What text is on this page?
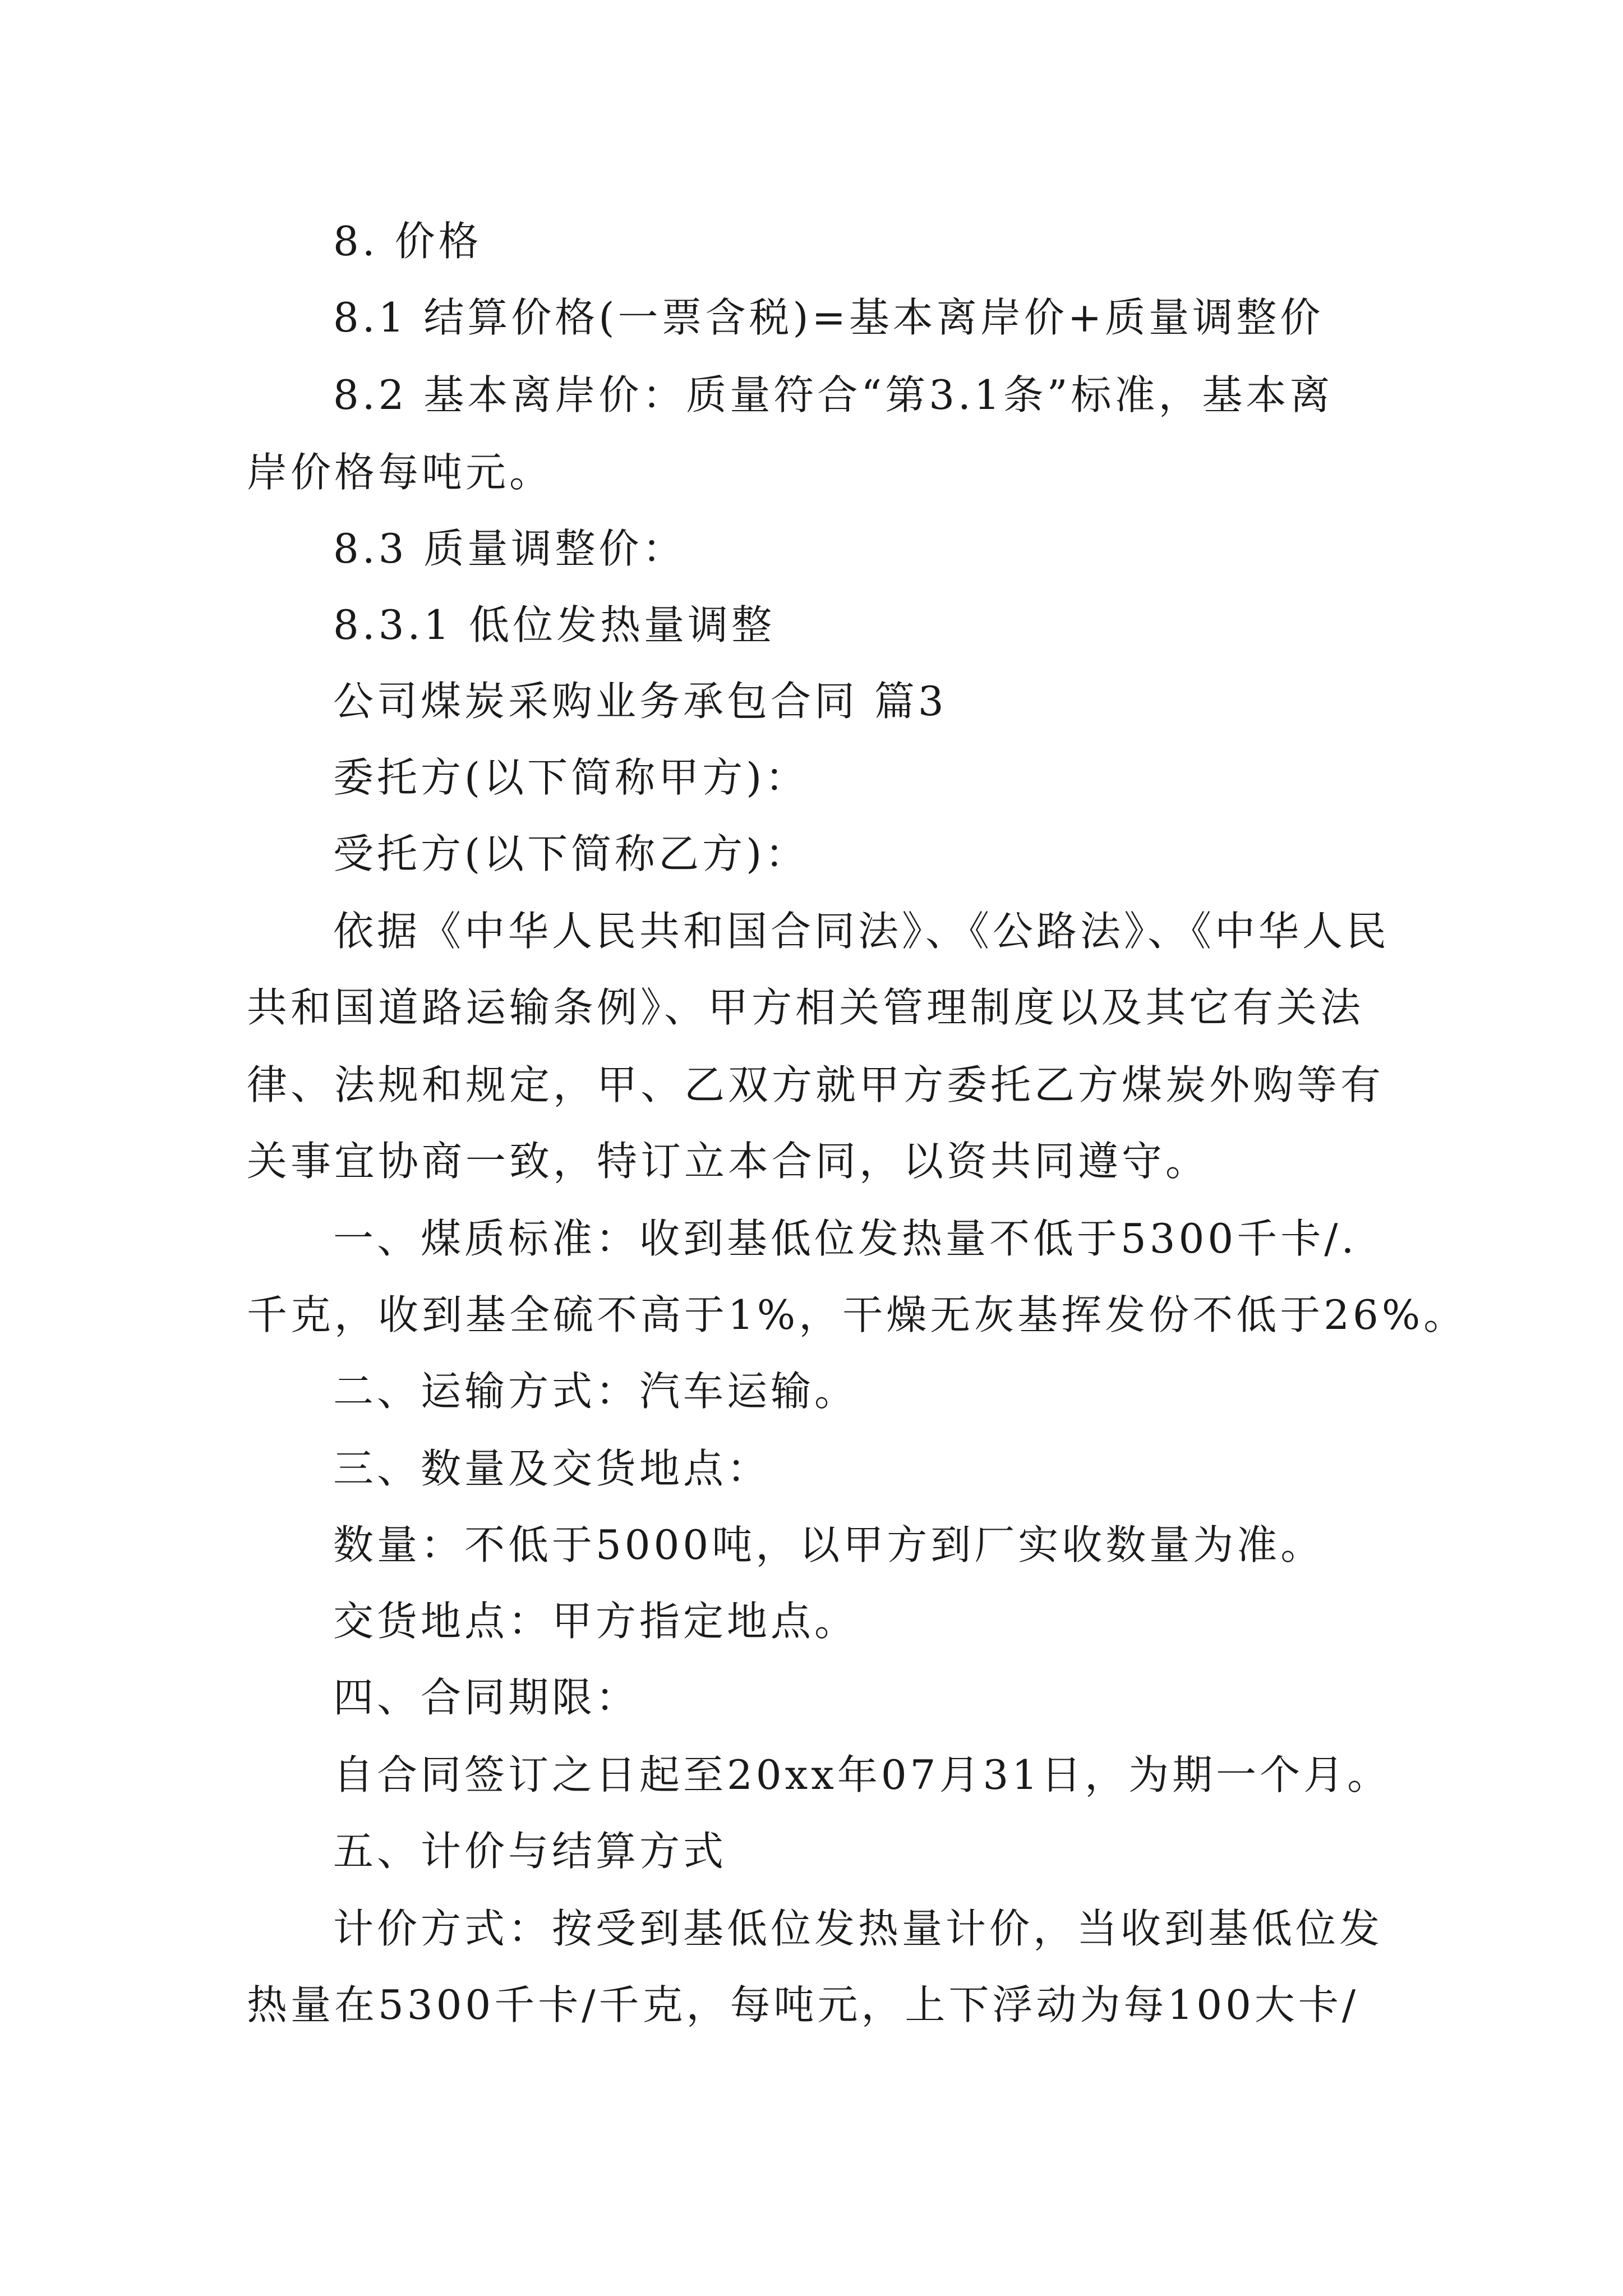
8. 价格
8.1 结算价格(一票含税)=基本离岸价+质量调整价
8.2 基本离岸价：质量符合“第3.1条”标准，基本离
岸价格每吨元。
8.3 质量调整价：
8.3.1 低位发热量调整
公司煤炭采购业务承包合同 篇3
委托方(以下简称甲方)：
受托方(以下简称乙方)：
依据《中华人民共和国合同法》、《公路法》、《中华人民
共和国道路运输条例》、甲方相关管理制度以及其它有关法
律、法规和规定，甲、乙双方就甲方委托乙方煤炭外购等有
关事宜协商一致，特订立本合同，以资共同遵守。
一、煤质标准：收到基低位发热量不低于5300千卡/.
千克，收到基全硫不高于1%，干燥无灰基挥发份不低于26%。
二、运输方式：汽车运输。
三、数量及交货地点：
数量：不低于5000吨，以甲方到厂实收数量为准。
交货地点：甲方指定地点。
四、合同期限：
自合同签订之日起至20xx年07月31日，为期一个月。
五、计价与结算方式
计价方式：按受到基低位发热量计价，当收到基低位发
热量在5300千卡/千克，每吨元，上下浮动为每100大卡/
